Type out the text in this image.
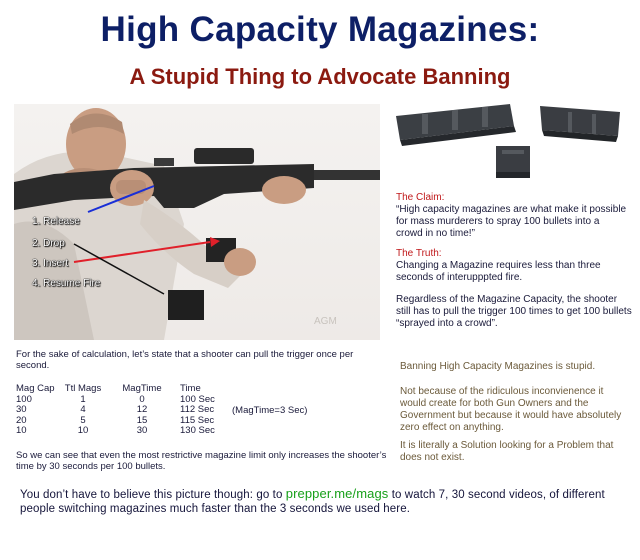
High Capacity Magazines:
A Stupid Thing to Advocate Banning
AGM
1. Release
2. Drop
3. Insert
4. Resume Fire
The Claim:
“High capacity magazines are what make it possible for mass murderers to spray 100 bullets into a crowd in no time!”
The Truth:
Changing a Magazine requires less than three seconds of interupppted fire.
Regardless of the Magazine Capacity, the shooter still has to pull the trigger 100 times to get 100 bullets “sprayed into a crowd”.
For the sake of calculation, let’s state that a shooter can pull the trigger once per second.
Mag Cap	Ttl Mags	MagTime	Time
100	1	0	100 Sec
30	4	12	112 Sec
20	5	15	115 Sec
10	10	30	130 Sec
(MagTime=3 Sec)
So we can see that even the most restrictive magazine limit only increases the shooter’s time by 30 seconds per 100 bullets.
Banning High Capacity Magazines is stupid.
Not because of the ridiculous inconvienence it would create for both Gun Owners and the Government but because it would have absolutely zero effect on anything.
It is literally a Solution looking for a Problem that does not exist.
You don’t have to believe this picture though: go to prepper.me/mags to watch 7, 30 second videos, of different people switching magazines much faster than the 3 seconds we used here.
